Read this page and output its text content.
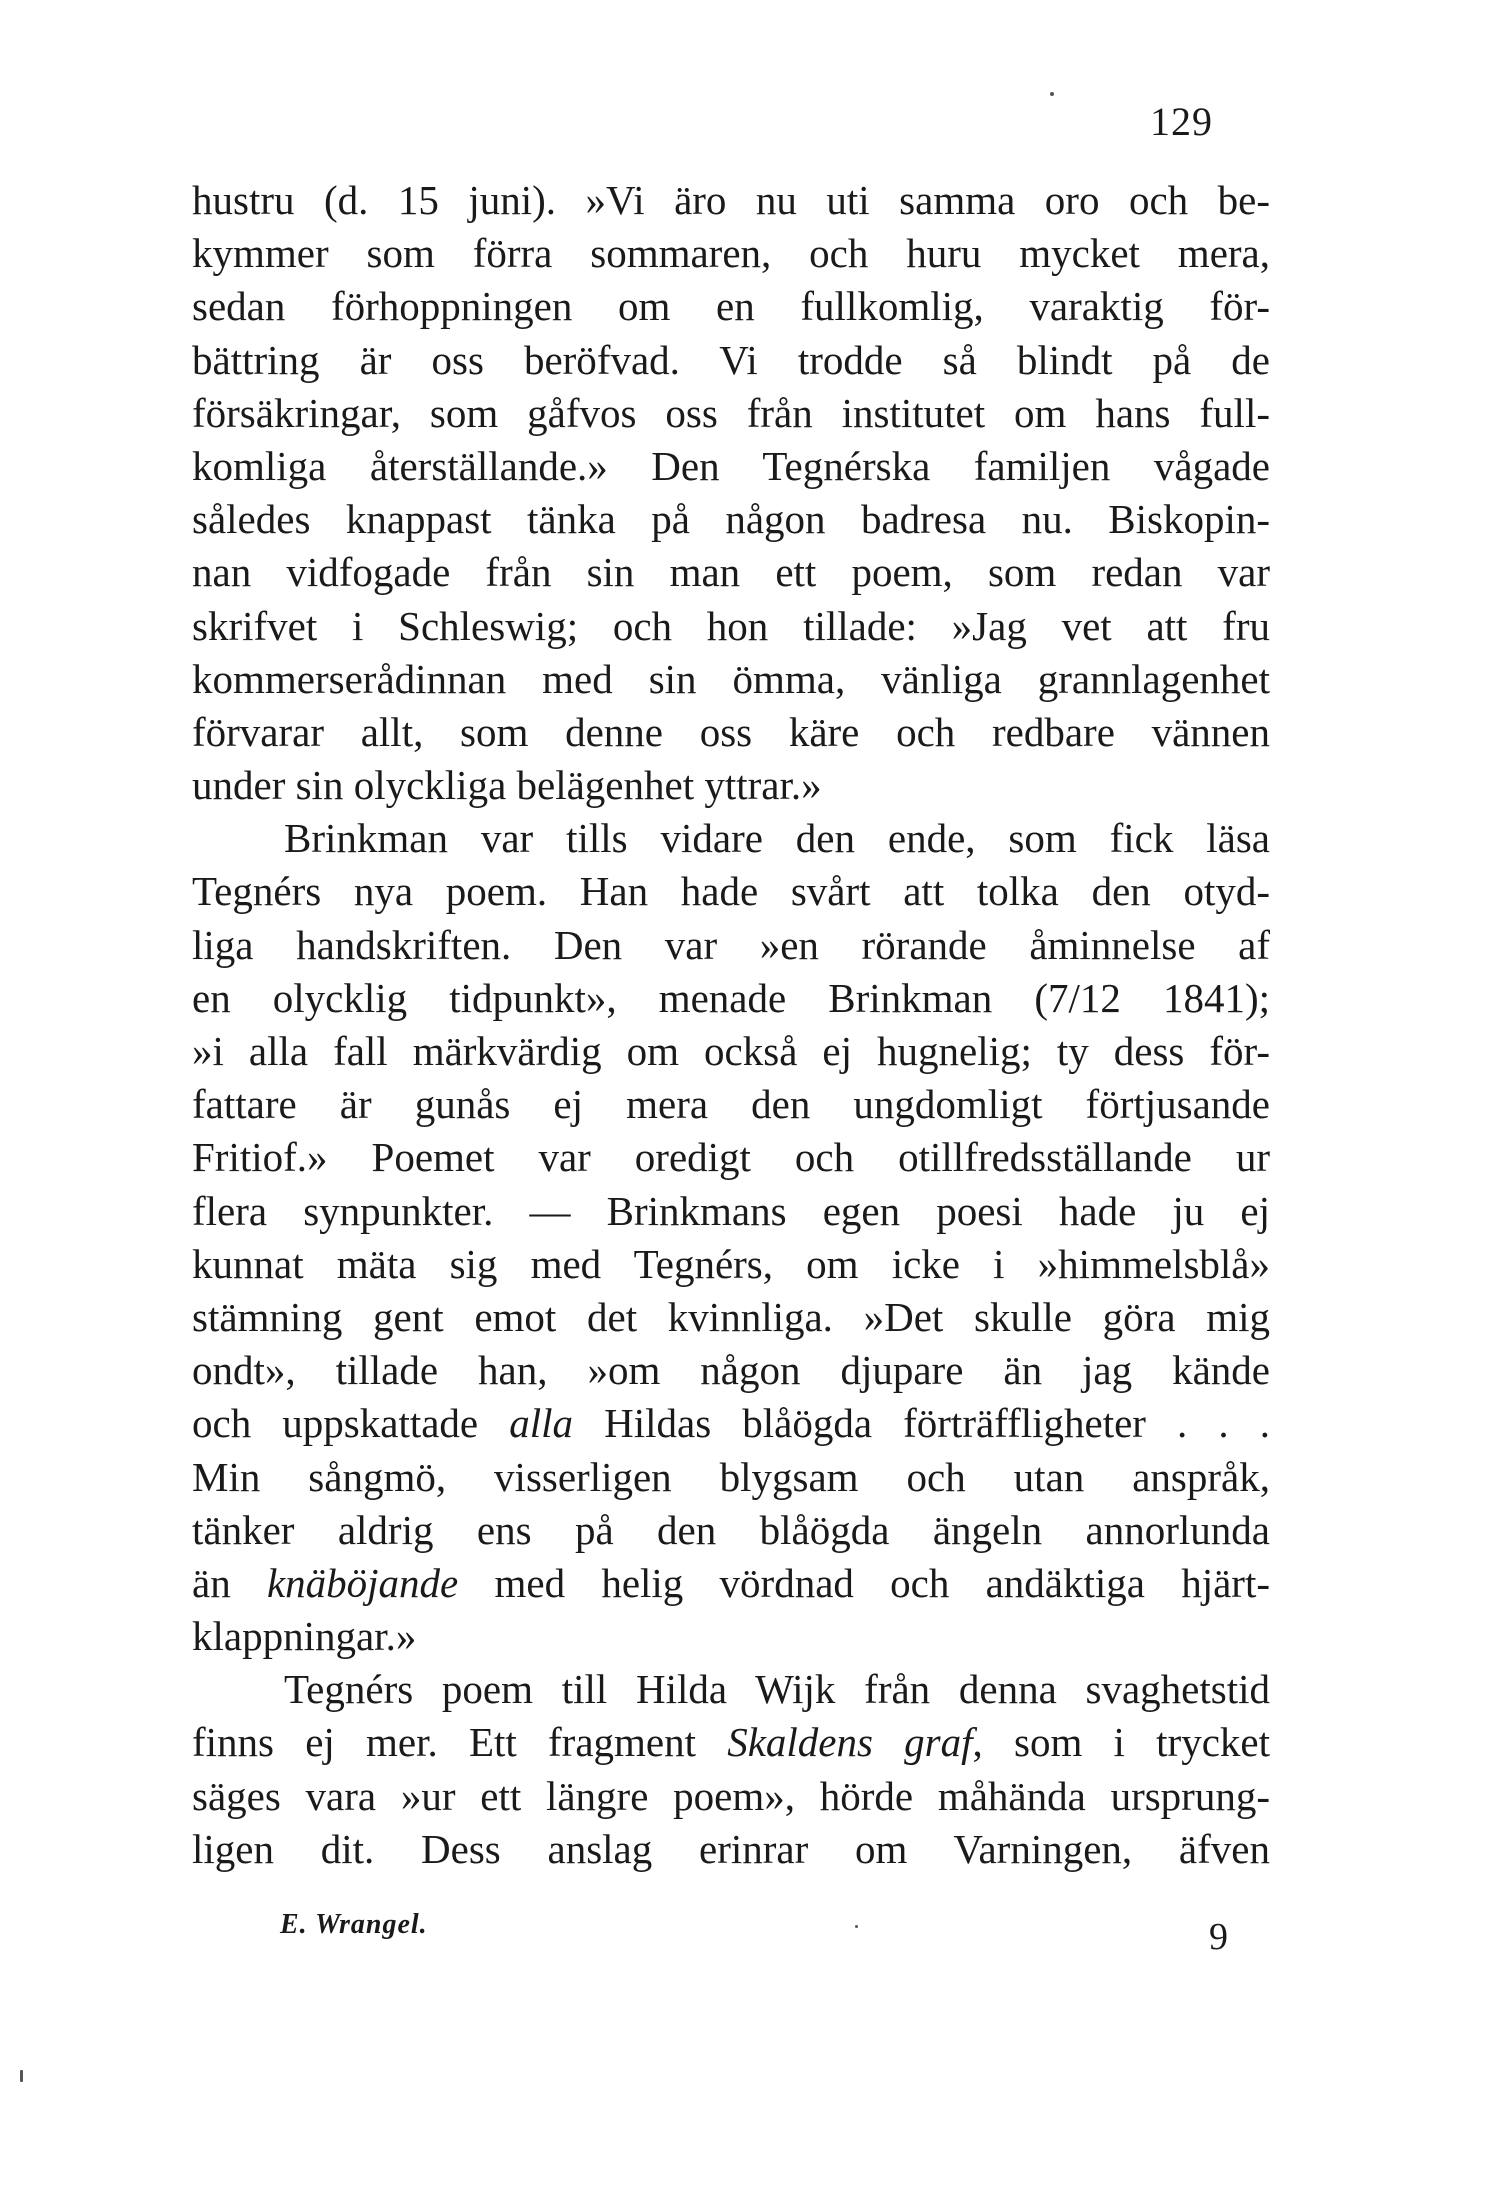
129
hustru (d. 15 juni). »Vi äro nu uti samma oro och be-
kymmer som förra sommaren, och huru mycket mera,
sedan förhoppningen om en fullkomlig, varaktig för-
bättring är oss beröfvad. Vi trodde så blindt på de
försäkringar, som gåfvos oss från institutet om hans full-
komliga återställande.» Den Tegnérska familjen vågade
således knappast tänka på någon badresa nu. Biskopin-
nan vidfogade från sin man ett poem, som redan var
skrifvet i Schleswig; och hon tillade: »Jag vet att fru
kommerserådinnan med sin ömma, vänliga grannlagenhet
förvarar allt, som denne oss käre och redbare vännen
under sin olyckliga belägenhet yttrar.»
Brinkman var tills vidare den ende, som fick läsa
Tegnérs nya poem. Han hade svårt att tolka den otyd-
liga handskriften. Den var »en rörande åminnelse af
en olycklig tidpunkt», menade Brinkman (7/12 1841);
»i alla fall märkvärdig om också ej hugnelig; ty dess för-
fattare är gunås ej mera den ungdomligt förtjusande
Fritiof.» Poemet var oredigt och otillfredsställande ur
flera synpunkter. — Brinkmans egen poesi hade ju ej
kunnat mäta sig med Tegnérs, om icke i »himmelsblå»
stämning gent emot det kvinnliga. »Det skulle göra mig
ondt», tillade han, »om någon djupare än jag kände
och uppskattade alla Hildas blåögda förträffligheter . . .
Min sångmö, visserligen blygsam och utan anspråk,
tänker aldrig ens på den blåögda ängeln annorlunda
än knäböjande med helig vördnad och andäktiga hjärt-
klappningar.»
Tegnérs poem till Hilda Wijk från denna svaghetstid
finns ej mer. Ett fragment Skaldens graf, som i trycket
säges vara »ur ett längre poem», hörde måhända ursprung-
ligen dit. Dess anslag erinrar om Varningen, äfven
E. Wrangel.	9
